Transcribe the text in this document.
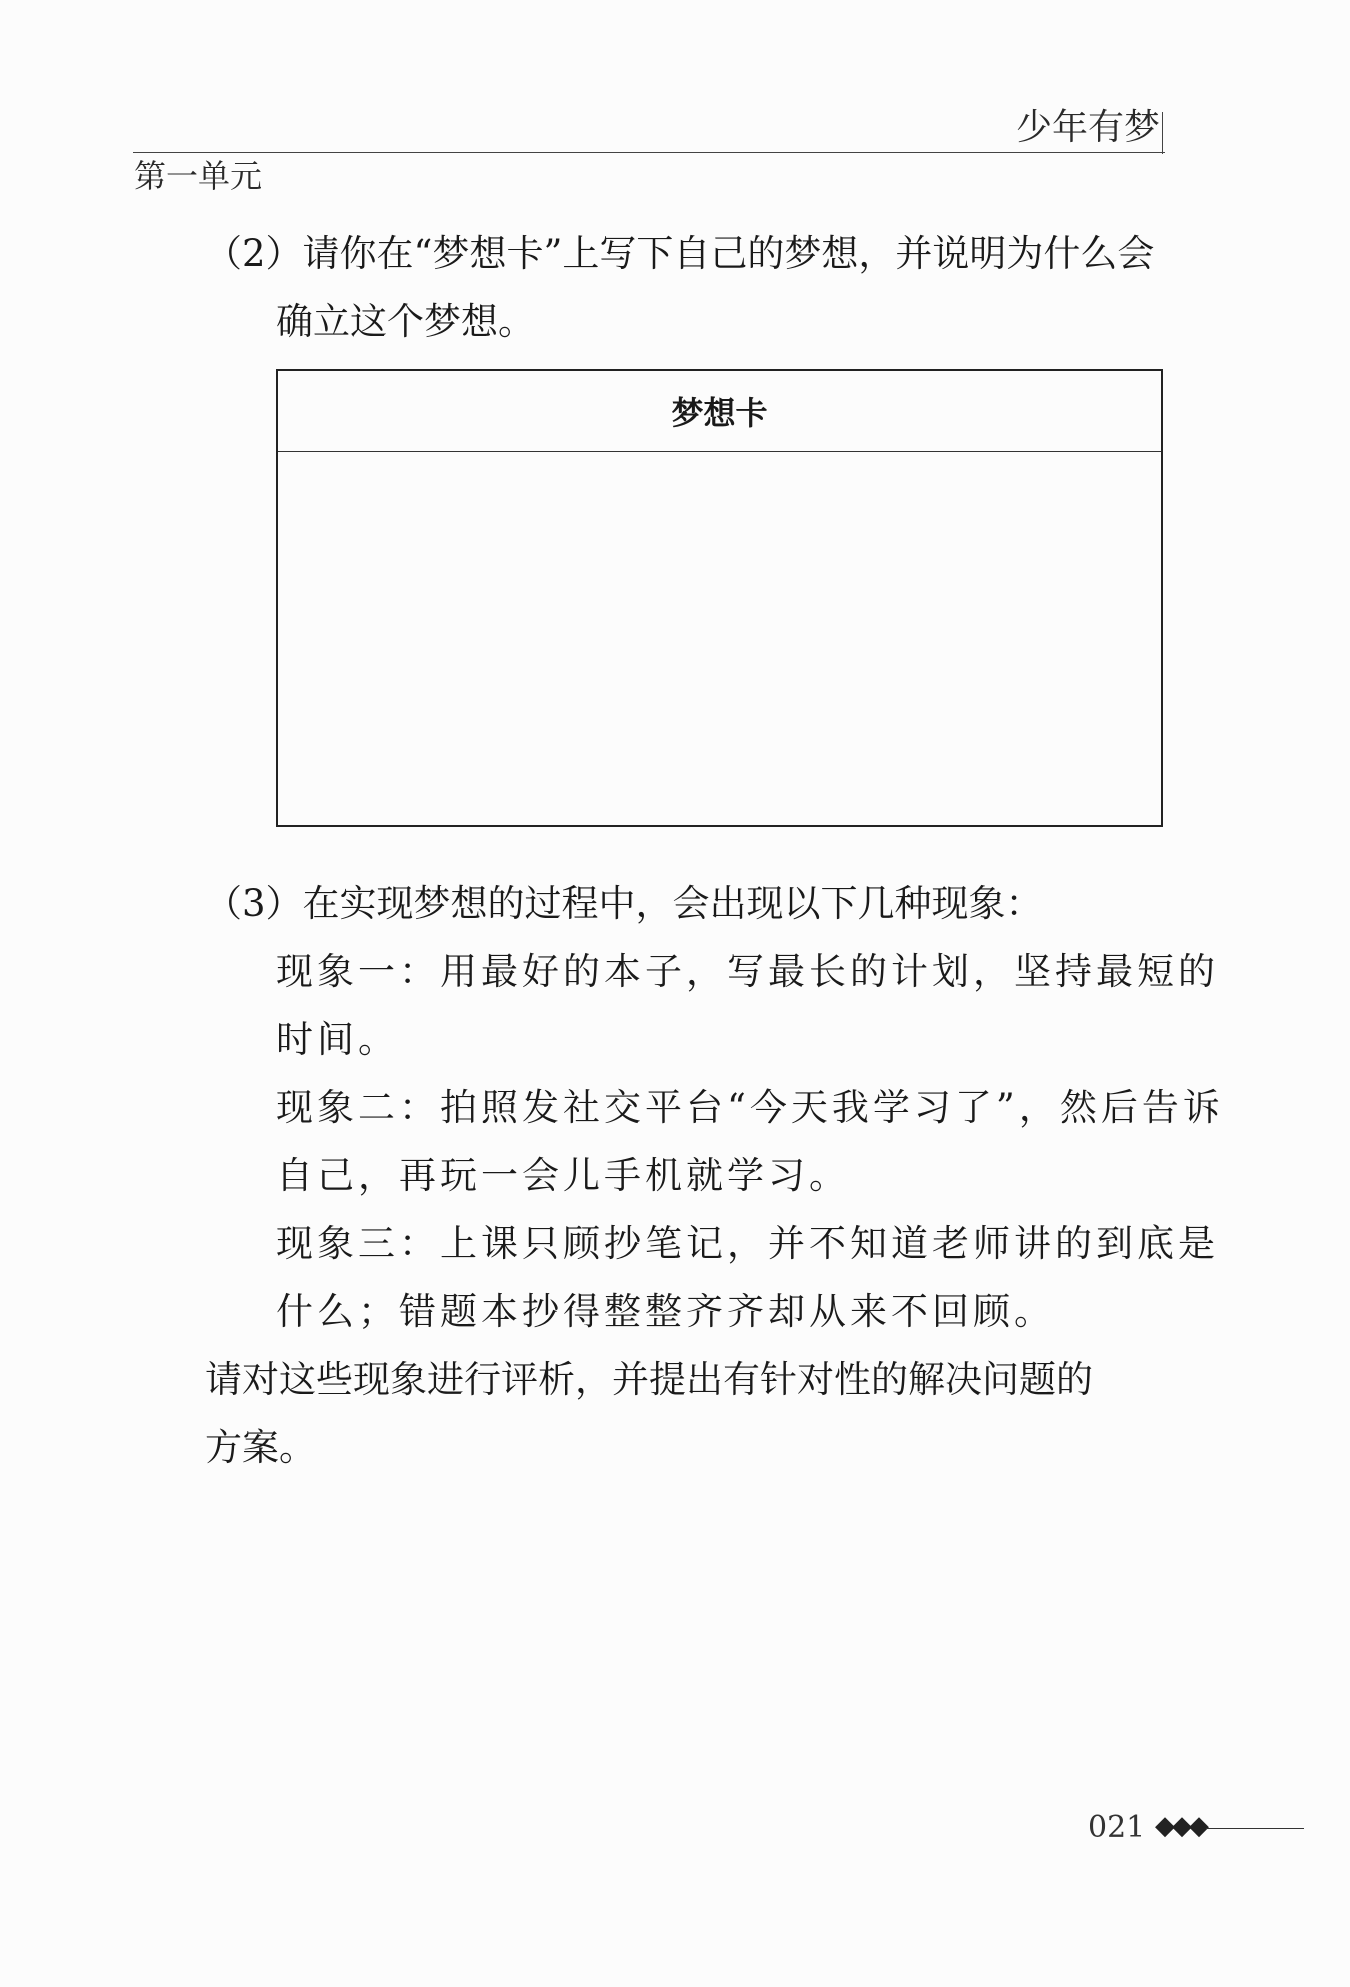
少年有梦
第一单元
（2）请你在“梦想卡”上写下自己的梦想，并说明为什么会
确立这个梦想。
梦想卡
（3）在实现梦想的过程中，会出现以下几种现象：
现象一：用最好的本子，写最长的计划，坚持最短的
时间。
现象二：拍照发社交平台“今天我学习了”，然后告诉
自己，再玩一会儿手机就学习。
现象三：上课只顾抄笔记，并不知道老师讲的到底是
什么；错题本抄得整整齐齐却从来不回顾。
请对这些现象进行评析，并提出有针对性的解决问题的
方案。
021 ◆◆◆
